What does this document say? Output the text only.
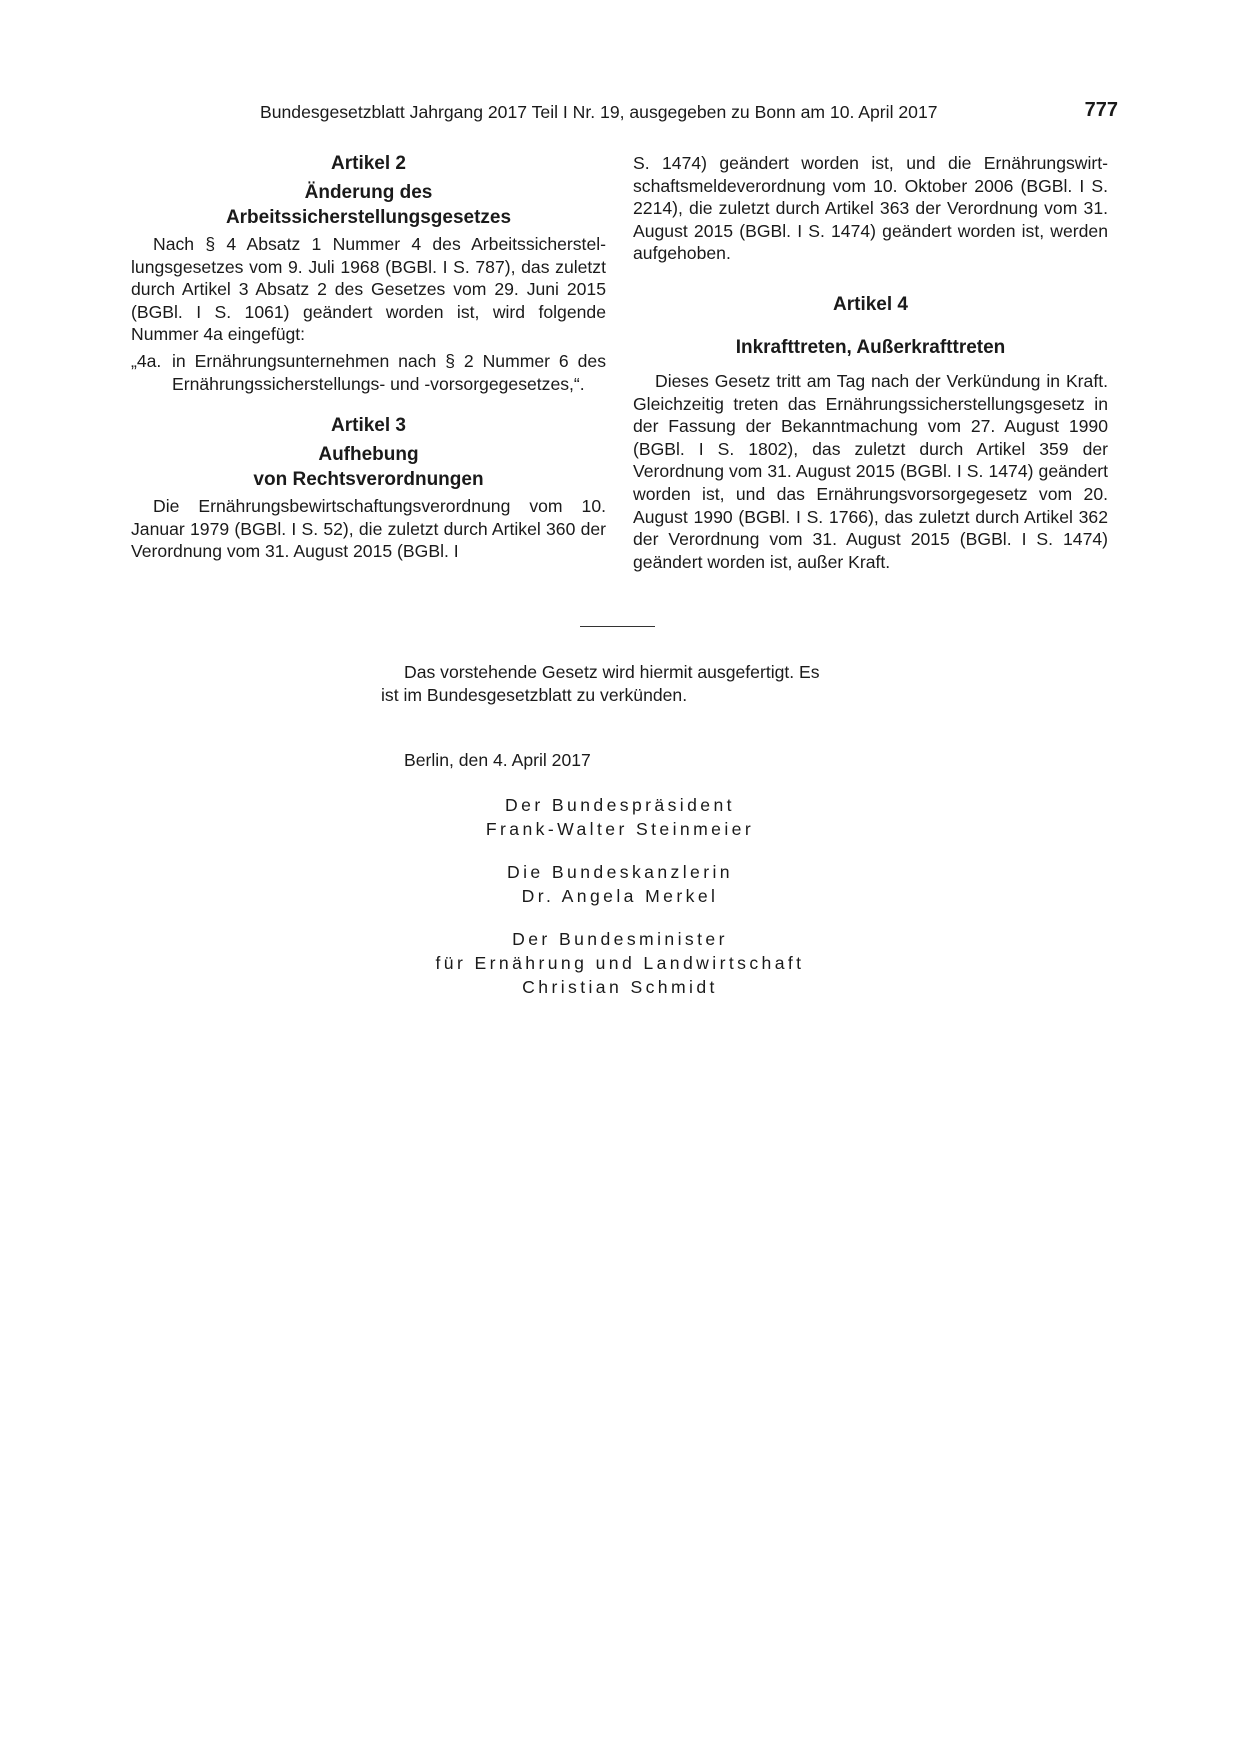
Bundesgesetzblatt Jahrgang 2017 Teil I Nr. 19, ausgegeben zu Bonn am 10. April 2017	777
Artikel 2
Änderung des
Arbeitssicherstellungsgesetzes

Nach § 4 Absatz 1 Nummer 4 des Arbeitssicherstellungsgesetzes vom 9. Juli 1968 (BGBl. I S. 787), das zuletzt durch Artikel 3 Absatz 2 des Gesetzes vom 29. Juni 2015 (BGBl. I S. 1061) geändert worden ist, wird folgende Nummer 4a eingefügt:

„4a. in Ernährungsunternehmen nach § 2 Nummer 6 des Ernährungssicherstellungs- und -vorsorgegesetzes,“.
Artikel 3
Aufhebung
von Rechtsverordnungen

Die Ernährungsbewirtschaftungsverordnung vom 10. Januar 1979 (BGBl. I S. 52), die zuletzt durch Artikel 360 der Verordnung vom 31. August 2015 (BGBl. I

S. 1474) geändert worden ist, und die Ernährungswirtschaftsmeldeverordnung vom 10. Oktober 2006 (BGBl. I S. 2214), die zuletzt durch Artikel 363 der Verordnung vom 31. August 2015 (BGBl. I S. 1474) geändert worden ist, werden aufgehoben.

Artikel 4
Inkrafttreten, Außerkrafttreten

Dieses Gesetz tritt am Tag nach der Verkündung in Kraft. Gleichzeitig treten das Ernährungssicherstellungsgesetz in der Fassung der Bekanntmachung vom 27. August 1990 (BGBl. I S. 1802), das zuletzt durch Artikel 359 der Verordnung vom 31. August 2015 (BGBl. I S. 1474) geändert worden ist, und das Ernährungsvorsorgegesetz vom 20. August 1990 (BGBl. I S. 1766), das zuletzt durch Artikel 362 der Verordnung vom 31. August 2015 (BGBl. I S. 1474) geändert worden ist, außer Kraft.

Das vorstehende Gesetz wird hiermit ausgefertigt. Es
ist im Bundesgesetzblatt zu verkünden.
Berlin, den 4. April 2017
Der Bundespräsident
Frank-Walter Steinmeier
Die Bundeskanzlerin
Dr. Angela Merkel
Der Bundesminister
für Ernährung und Landwirtschaft
Christian Schmidt
